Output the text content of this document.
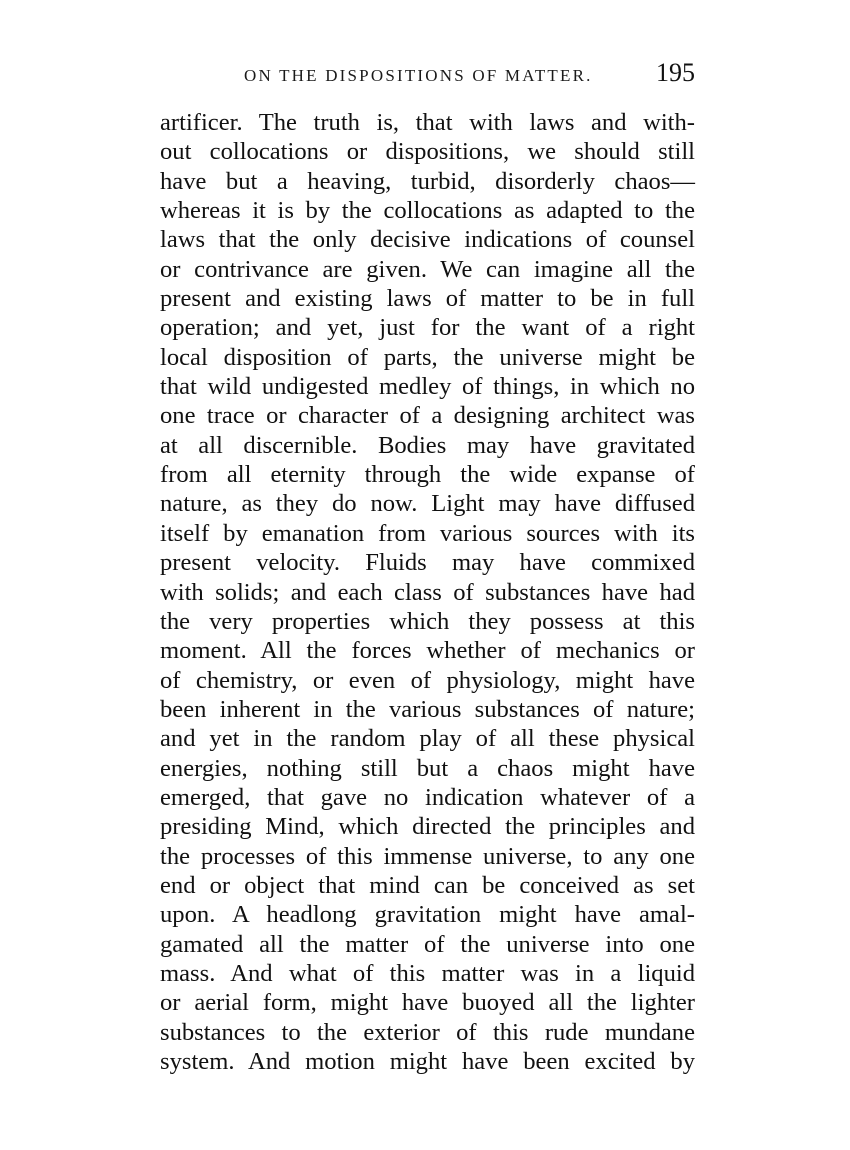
ON THE DISPOSITIONS OF MATTER. 195
artificer. The truth is, that with laws and with-
out collocations or dispositions, we should still
have but a heaving, turbid, disorderly chaos—
whereas it is by the collocations as adapted to the
laws that the only decisive indications of counsel
or contrivance are given. We can imagine all the
present and existing laws of matter to be in full
operation; and yet, just for the want of a right
local disposition of parts, the universe might be
that wild undigested medley of things, in which no
one trace or character of a designing architect was
at all discernible. Bodies may have gravitated
from all eternity through the wide expanse of
nature, as they do now. Light may have diffused
itself by emanation from various sources with its
present velocity. Fluids may have commixed
with solids; and each class of substances have had
the very properties which they possess at this
moment. All the forces whether of mechanics or
of chemistry, or even of physiology, might have
been inherent in the various substances of nature;
and yet in the random play of all these physical
energies, nothing still but a chaos might have
emerged, that gave no indication whatever of a
presiding Mind, which directed the principles and
the processes of this immense universe, to any one
end or object that mind can be conceived as set
upon. A headlong gravitation might have amal-
gamated all the matter of the universe into one
mass. And what of this matter was in a liquid
or aerial form, might have buoyed all the lighter
substances to the exterior of this rude mundane
system. And motion might have been excited by
